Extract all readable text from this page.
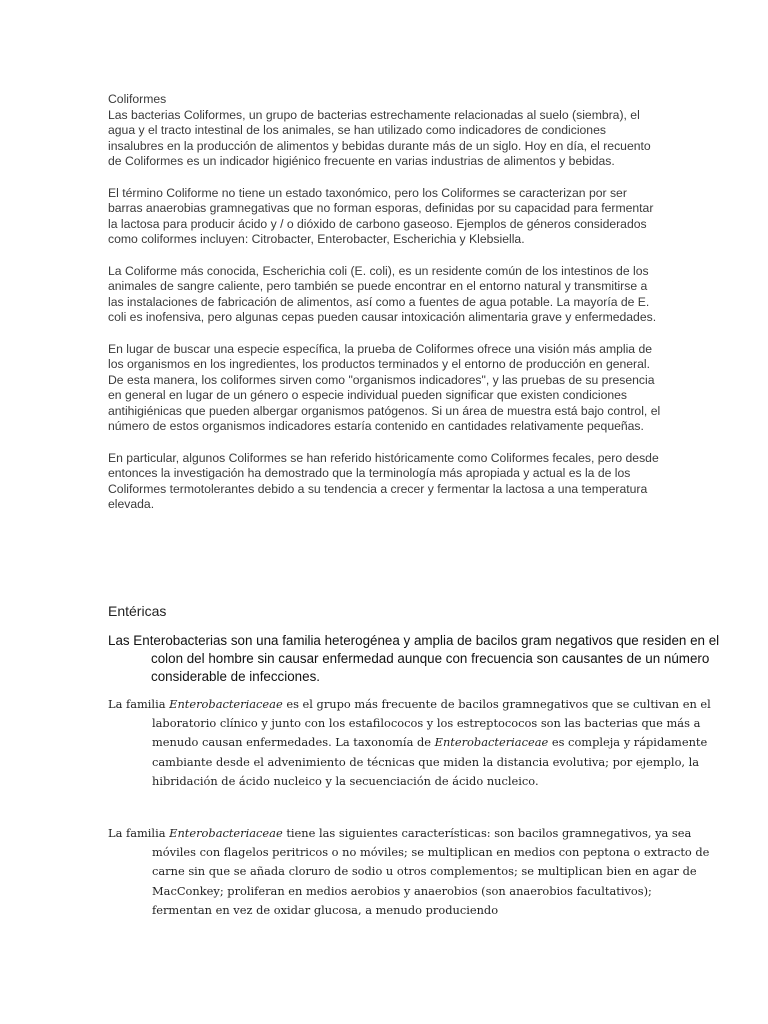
Coliformes

Las bacterias Coliformes, un grupo de bacterias estrechamente relacionadas al suelo (siembra), el agua y el tracto intestinal de los animales, se han utilizado como indicadores de condiciones insalubres en la producción de alimentos y bebidas durante más de un siglo. Hoy en día, el recuento de Coliformes es un indicador higiénico frecuente en varias industrias de alimentos y bebidas.

El término Coliforme no tiene un estado taxonómico, pero los Coliformes se caracterizan por ser barras anaerobias gramnegativas que no forman esporas, definidas por su capacidad para fermentar la lactosa para producir ácido y / o dióxido de carbono gaseoso. Ejemplos de géneros considerados como coliformes incluyen: Citrobacter, Enterobacter, Escherichia y Klebsiella.

La Coliforme más conocida, Escherichia coli (E. coli), es un residente común de los intestinos de los animales de sangre caliente, pero también se puede encontrar en el entorno natural y transmitirse a las instalaciones de fabricación de alimentos, así como a fuentes de agua potable. La mayoría de E. coli es inofensiva, pero algunas cepas pueden causar intoxicación alimentaria grave y enfermedades.

En lugar de buscar una especie específica, la prueba de Coliformes ofrece una visión más amplia de los organismos en los ingredientes, los productos terminados y el entorno de producción en general. De esta manera, los coliformes sirven como "organismos indicadores", y las pruebas de su presencia en general en lugar de un género o especie individual pueden significar que existen condiciones antihigiénicas que pueden albergar organismos patógenos. Si un área de muestra está bajo control, el número de estos organismos indicadores estaría contenido en cantidades relativamente pequeñas.

En particular, algunos Coliformes se han referido históricamente como Coliformes fecales, pero desde entonces la investigación ha demostrado que la terminología más apropiada y actual es la de los Coliformes termotolerantes debido a su tendencia a crecer y fermentar la lactosa a una temperatura elevada.

Entéricas
Las Enterobacterias son una familia heterogénea y amplia de bacilos gram negativos que residen en el colon del hombre sin causar enfermedad aunque con frecuencia son causantes de un número considerable de infecciones.
La familia Enterobacteriaceae es el grupo más frecuente de bacilos gramnegativos que se cultivan en el laboratorio clínico y junto con los estafilococos y los estreptococos son las bacterias que más a menudo causan enfermedades. La taxonomía de Enterobacteriaceae es compleja y rápidamente cambiante desde el advenimiento de técnicas que miden la distancia evolutiva; por ejemplo, la hibridación de ácido nucleico y la secuenciación de ácido nucleico.
La familia Enterobacteriaceae tiene las siguientes características: son bacilos gramnegativos, ya sea móviles con flagelos peritricos o no móviles; se multiplican en medios con peptona o extracto de carne sin que se añada cloruro de sodio u otros complementos; se multiplican bien en agar de MacConkey; proliferan en medios aerobios y anaerobios (son anaerobios facultativos); fermentan en vez de oxidar glucosa, a menudo produciendo
